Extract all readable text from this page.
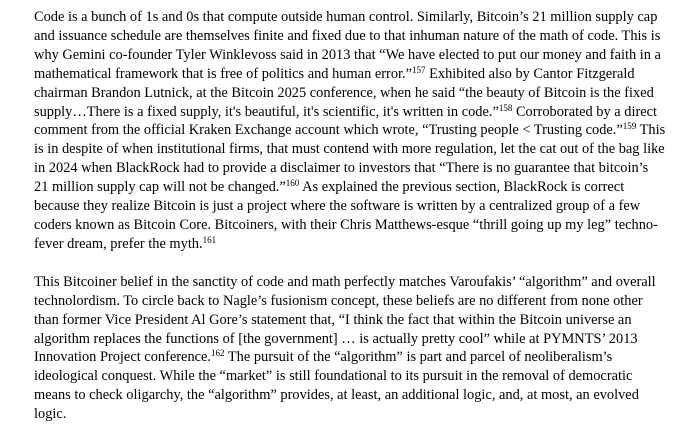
Code is a bunch of 1s and 0s that compute outside human control. Similarly, Bitcoin’s 21 million supply cap and issuance schedule are themselves finite and fixed due to that inhuman nature of the math of code. This is why Gemini co-founder Tyler Winklevoss said in 2013 that “We have elected to put our money and faith in a mathematical framework that is free of politics and human error.”$^{157}$ Exhibited also by Cantor Fitzgerald chairman Brandon Lutnick, at the Bitcoin 2025 conference, when he said “the beauty of Bitcoin is the fixed supply…There is a fixed supply, it's beautiful, it's scientific, it's written in code.”$^{158}$ Corroborated by a direct comment from the official Kraken Exchange account which wrote, “Trusting people < Trusting code.”$^{159}$ This is in despite of when institutional firms, that must contend with more regulation, let the cat out of the bag like in 2024 when BlackRock had to provide a disclaimer to investors that “There is no guarantee that bitcoin’s 21 million supply cap will not be changed.”$^{160}$ As explained the previous section, BlackRock is correct because they realize Bitcoin is just a project where the software is written by a centralized group of a few coders known as Bitcoin Core. Bitcoiners, with their Chris Matthews-esque “thrill going up my leg” techno-fever dream, prefer the myth.$^{161}$

This Bitcoiner belief in the sanctity of code and math perfectly matches Varoufakis’ “algorithm” and overall technolordism. To circle back to Nagle’s fusionism concept, these beliefs are no different from none other than former Vice President Al Gore’s statement that, “I think the fact that within the Bitcoin universe an algorithm replaces the functions of [the government] … is actually pretty cool” while at PYMNTS’ 2013 Innovation Project conference.$^{162}$ The pursuit of the “algorithm” is part and parcel of neoliberalism’s ideological conquest. While the “market” is still foundational to its pursuit in the removal of democratic means to check oligarchy, the “algorithm” provides, at least, an additional logic, and, at most, an evolved logic.
